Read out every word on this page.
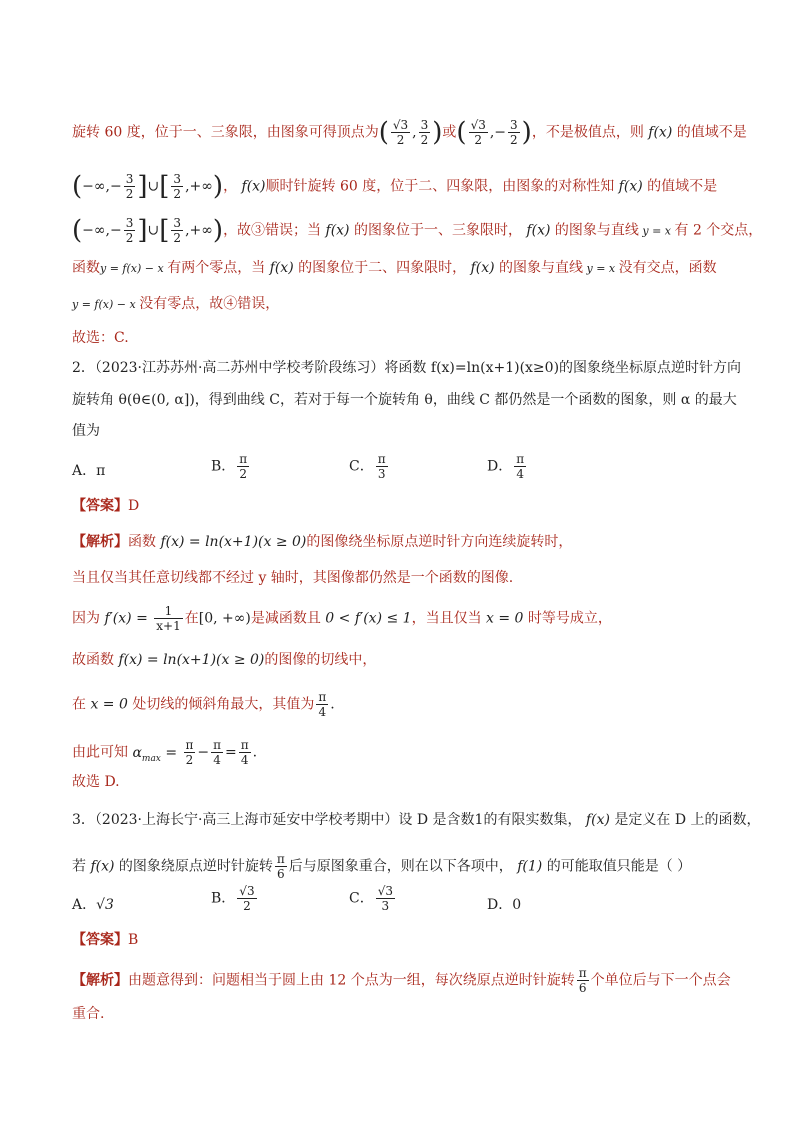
旋转 60 度，位于一、三象限，由图象可得顶点为( $\frac{√3}{2}$ , $\frac{3}{2}$ )或( $\frac{√3}{2}$ ,− $\frac{3}{2}$ )，不是极值点，则 f(x) 的值域不是
(−∞,− $\frac{3}{2}$ ]∪[ $\frac{3}{2}$ ,+∞)， f(x)顺时针旋转 60 度，位于二、四象限，由图象的对称性知 f(x) 的值域不是
(−∞,− $\frac{3}{2}$ ]∪[ $\frac{3}{2}$ ,+∞)，故③错误；当 f(x) 的图象位于一、三象限时， f(x) 的图象与直线 y = x 有 2 个交点，
函数y = f(x) − x 有两个零点，当 f(x) 的图象位于二、四象限时， f(x) 的图象与直线 y = x 没有交点，函数
y = f(x) − x 没有零点，故④错误，
故选：C.
2．（2023·江苏苏州·高二苏州中学校考阶段练习）将函数 f(x)=ln(x+1)(x≥0)的图象绕坐标原点逆时针方向
旋转角 θ(θ∈(0, α])，得到曲线 C，若对于每一个旋转角 θ，曲线 C 都仍然是一个函数的图象，则 α 的最大
值为
A．π	B． $\frac{\pi}{2}$	C． $\frac{\pi}{3}$	D． $\frac{\pi}{4}$
【答案】D
【解析】函数 f(x) = ln(x+1)(x ≥ 0)的图像绕坐标原点逆时针方向连续旋转时，
当且仅当其任意切线都不经过 y 轴时，其图像都仍然是一个函数的图像.
因为 $f'(x) = \frac{1}{x+1}$ 在[0, +∞)是减函数且 0 < f′(x) ≤ 1，当且仅当 x = 0 时等号成立，
故函数 f(x) = ln(x+1)(x ≥ 0)的图像的切线中，
在 x = 0 处切线的倾斜角最大，其值为 $\frac{\pi}{4}$ .
由此可知 $\alpha_{max} = \frac{\pi}{2} - \frac{\pi}{4} = \frac{\pi}{4}$ .
故选 D.
3．（2023·上海长宁·高三上海市延安中学校考期中）设 D 是含数1的有限实数集， f(x) 是定义在 D 上的函数，
若 f(x) 的图象绕原点逆时针旋转 $\frac{\pi}{6}$ 后与原图象重合，则在以下各项中， f(1) 的可能取值只能是（ ）
A．√3	B． $\frac{√3}{2}$	C． $\frac{√3}{3}$	D．0
【答案】B
【解析】由题意得到：问题相当于圆上由 12 个点为一组，每次绕原点逆时针旋转 $\frac{\pi}{6}$ 个单位后与下一个点会
重合.
